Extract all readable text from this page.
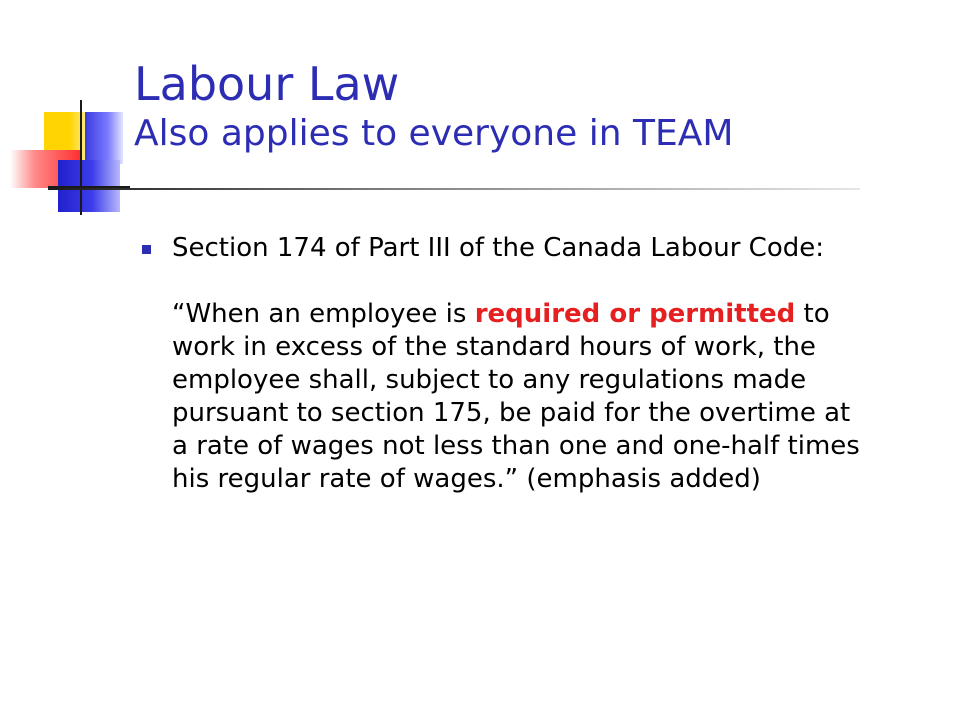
Labour Law
Also applies to everyone in TEAM
Section 174 of Part III of the Canada Labour Code:
“When an employee is required or permitted to work in excess of the standard hours of work, the employee shall, subject to any regulations made pursuant to section 175, be paid for the overtime at a rate of wages not less than one and one-half times his regular rate of wages.” (emphasis added)
